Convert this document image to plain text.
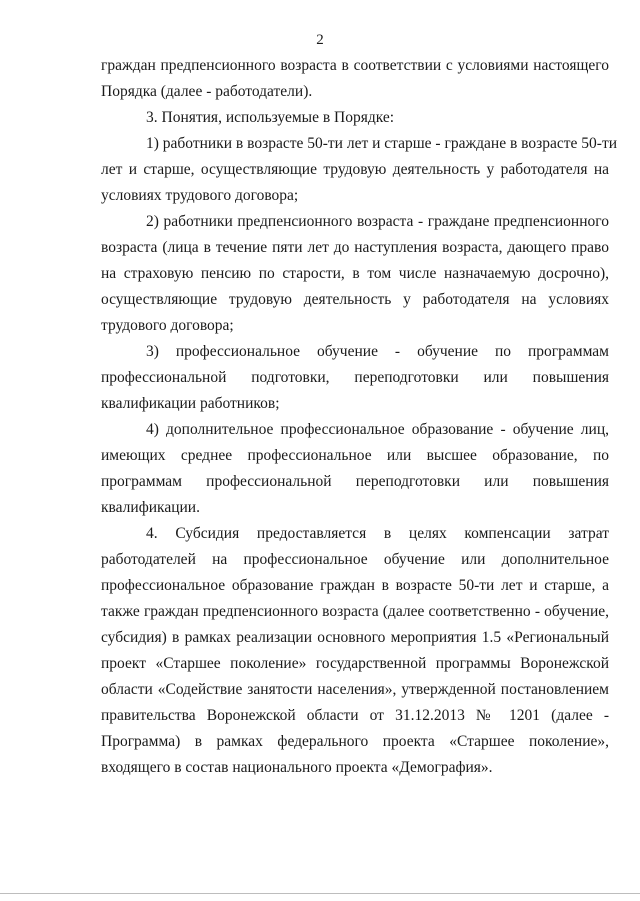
2
граждан предпенсионного возраста в соответствии с условиями настоящего
Порядка (далее - работодатели).
3. Понятия, используемые в Порядке:
1) работники в возрасте 50-ти лет и старше - граждане в возрасте 50-ти
лет и старше, осуществляющие трудовую деятельность у работодателя на
условиях трудового договора;
2) работники предпенсионного возраста - граждане предпенсионного
возраста (лица в течение пяти лет до наступления возраста, дающего право
на страховую пенсию по старости, в том числе назначаемую досрочно),
осуществляющие трудовую деятельность у работодателя на условиях
трудового договора;
3) профессиональное обучение - обучение по программам
профессиональной подготовки, переподготовки или повышения
квалификации работников;
4) дополнительное профессиональное образование - обучение лиц,
имеющих среднее профессиональное или высшее образование, по
программам профессиональной переподготовки или повышения
квалификации.
4. Субсидия предоставляется в целях компенсации затрат
работодателей на профессиональное обучение или дополнительное
профессиональное образование граждан в возрасте 50-ти лет и старше, а
также граждан предпенсионного возраста (далее соответственно - обучение,
субсидия) в рамках реализации основного мероприятия 1.5 «Региональный
проект «Старшее поколение» государственной программы Воронежской
области «Содействие занятости населения», утвержденной постановлением
правительства Воронежской области от 31.12.2013 № 1201 (далее -
Программа) в рамках федерального проекта «Старшее поколение»,
входящего в состав национального проекта «Демография».
